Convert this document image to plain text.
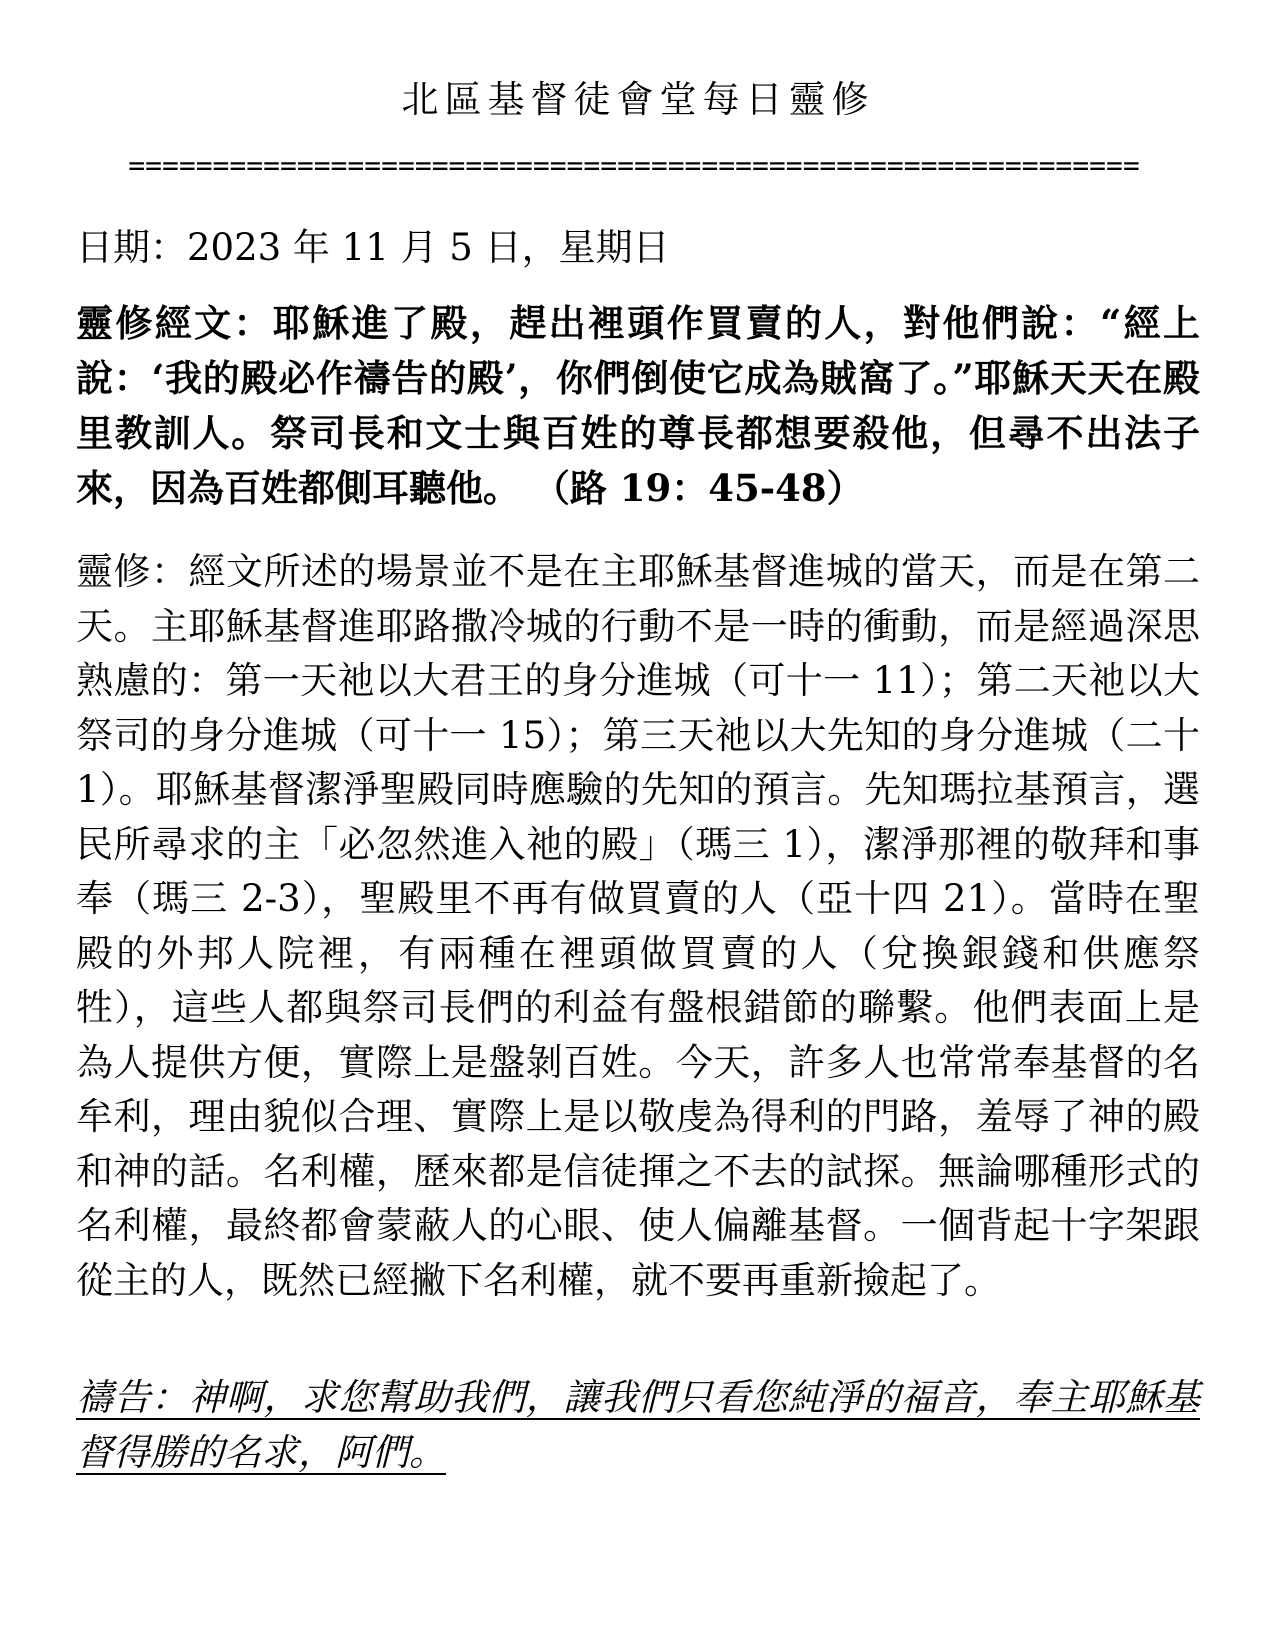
北區基督徒會堂每日靈修
============================================================
日期：2023 年 11 月 5 日，星期日
靈修經文：耶穌進了殿，趕出裡頭作買賣的人，對他們說：“經上說：‘我的殿必作禱告的殿’，你們倒使它成為賊窩了。”耶穌天天在殿里教訓人。祭司長和文士與百姓的尊長都想要殺他，但尋不出法子來，因為百姓都側耳聽他。 （路 19：45-48）
靈修：經文所述的場景並不是在主耶穌基督進城的當天，而是在第二天。主耶穌基督進耶路撒冷城的行動不是一時的衝動，而是經過深思熟慮的：第一天祂以大君王的身分進城（可十一 11）；第二天祂以大祭司的身分進城（可十一 15）；第三天祂以大先知的身分進城（二十 1）。耶穌基督潔淨聖殿同時應驗的先知的預言。先知瑪拉基預言，選民所尋求的主「必忽然進入祂的殿」（瑪三 1），潔淨那裡的敬拜和事奉（瑪三 2-3），聖殿里不再有做買賣的人（亞十四 21）。當時在聖殿的外邦人院裡，有兩種在裡頭做買賣的人（兌換銀錢和供應祭牲），這些人都與祭司長們的利益有盤根錯節的聯繫。他們表面上是為人提供方便，實際上是盤剝百姓。今天，許多人也常常奉基督的名牟利，理由貌似合理、實際上是以敬虔為得利的門路，羞辱了神的殿和神的話。名利權，歷來都是信徒揮之不去的試探。無論哪種形式的名利權，最終都會蒙蔽人的心眼、使人偏離基督。一個背起十字架跟從主的人，既然已經撇下名利權，就不要再重新撿起了。
禱告：神啊，求您幫助我們，讓我們只看您純淨的福音，奉主耶穌基督得勝的名求，阿們。
